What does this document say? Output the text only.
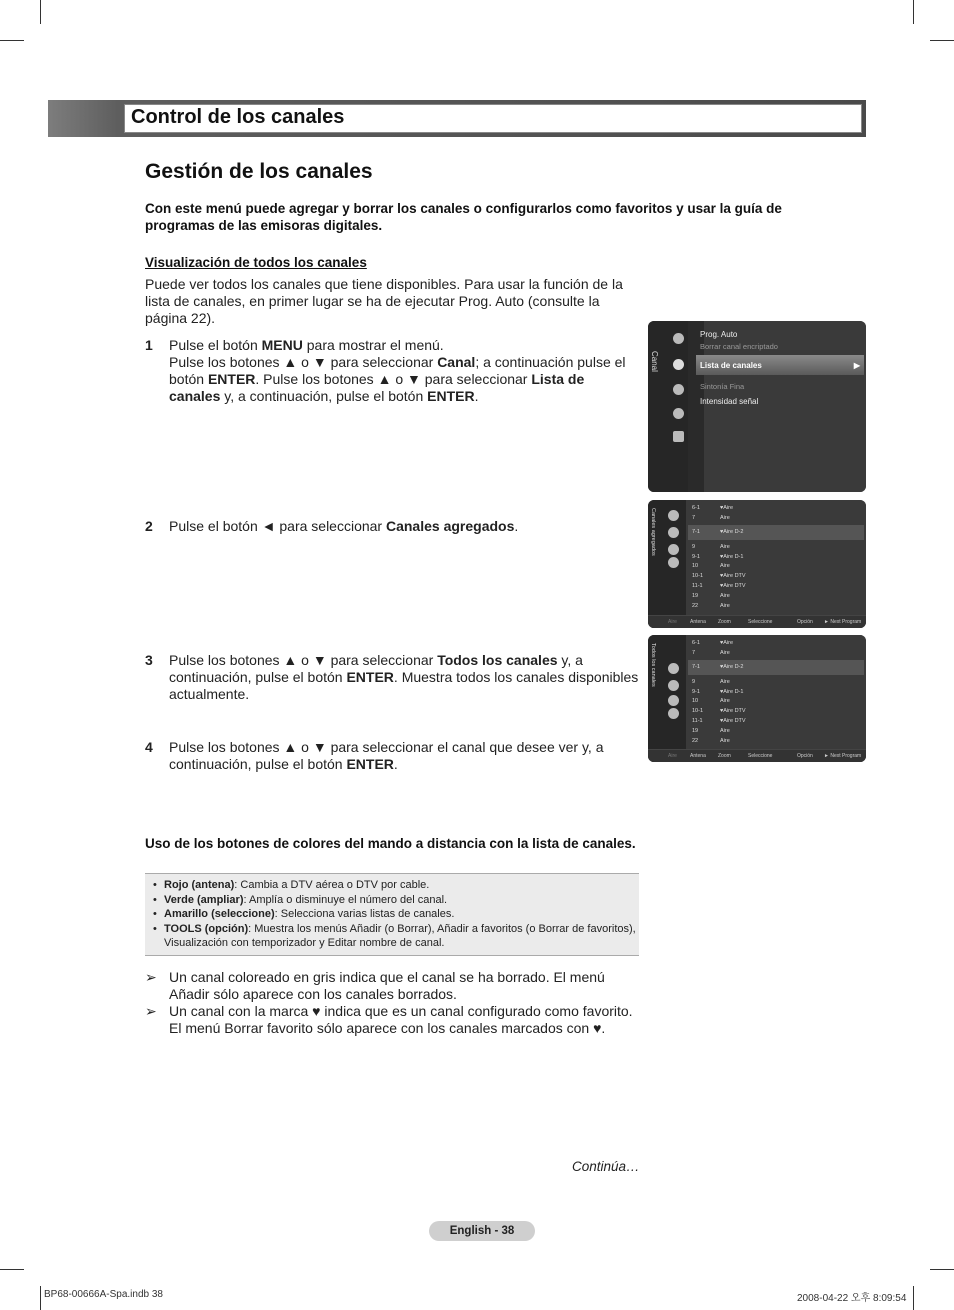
Control de los canales
Gestión de los canales
Con este menú puede agregar y borrar los canales o configurarlos como favoritos y usar la guía de programas de las emisoras digitales.
Visualización de todos los canales
Puede ver todos los canales que tiene disponibles. Para usar la función de la lista de canales, en primer lugar se ha de ejecutar Prog. Auto (consulte la página 22).
1 Pulse el botón MENU para mostrar el menú.
Pulse los botones ▲ o ▼ para seleccionar Canal; a continuación pulse el botón ENTER. Pulse los botones ▲ o ▼ para seleccionar Lista de canales y, a continuación, pulse el botón ENTER.
2 Pulse el botón ◄ para seleccionar Canales agregados.
3 Pulse los botones ▲ o ▼ para seleccionar Todos los canales y, a continuación, pulse el botón ENTER. Muestra todos los canales disponibles actualmente.
4 Pulse los botones ▲ o ▼ para seleccionar el canal que desee ver y, a continuación, pulse el botón ENTER.
Uso de los botones de colores del mando a distancia con la lista de canales.
• Rojo (antena): Cambia a DTV aérea o DTV por cable.
• Verde (ampliar): Amplía o disminuye el número del canal.
• Amarillo (seleccione): Selecciona varias listas de canales.
• TOOLS (opción): Muestra los menús Añadir (o Borrar), Añadir a favoritos (o Borrar de favoritos), Visualización con temporizador y Editar nombre de canal.
➢ Un canal coloreado en gris indica que el canal se ha borrado. El menú Añadir sólo aparece con los canales borrados.
➢ Un canal con la marca ♥ indica que es un canal configurado como favorito. El menú Borrar favorito sólo aparece con los canales marcados con ♥.
Continúa…
English - 38
BP68-00666A-Spa.indb 38	2008-04-22 오후 8:09:54
Canal
Prog. Auto
Borrar canal encriptado
Lista de canales	▶
Sintonía Fina
Intensidad señal
Canales agregados	6-1	♥Aire
7	Aire
7-1	♥Aire D-2
9	Aire
9-1	♥Aire D-1
10	Aire
10-1	♥Aire DTV
11-1	♥Aire DTV
19	Aire
22	Aire
Aire	Antena Zoom	Seleccione	Opción ► Next Program
Todos los canales	6-1	♥Aire
7	Aire
7-1	♥Aire D-2
9	Aire
9-1	♥Aire D-1
10	Aire
10-1	♥Aire DTV
11-1	♥Aire DTV
19	Aire
22	Aire
Aire	Antena Zoom	Seleccione	Opción ► Next Program
